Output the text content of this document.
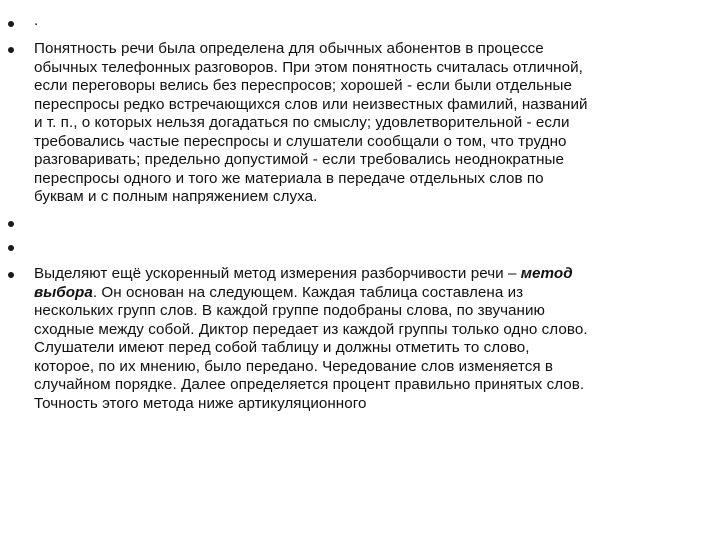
.
Понятность речи была определена для обычных абонентов в процессе
обычных телефонных разговоров. При этом понятность считалась отличной,
если переговоры велись без переспросов; хорошей - если были отдельные
переспросы редко встречающихся слов или неизвестных фамилий, названий
и т. п., о которых нельзя догадаться по смыслу; удовлетворительной - если
требовались частые переспросы и слушатели сообщали о том, что трудно
разговаривать; предельно допустимой - если требовались неоднократные
переспросы одного и того же материала в передаче отдельных слов по
буквам и с полным напряжением слуха.
Выделяют ещё ускоренный метод измерения разборчивости речи – метод
выбора. Он основан на следующем. Каждая таблица составлена из
нескольких групп слов. В каждой группе подобраны слова, по звучанию
сходные между собой. Диктор передает из каждой группы только одно слово.
Слушатели имеют перед собой таблицу и должны отметить то слово,
которое, по их мнению, было передано. Чередование слов изменяется в
случайном порядке. Далее определяется процент правильно принятых слов.
Точность этого метода ниже артикуляционного
